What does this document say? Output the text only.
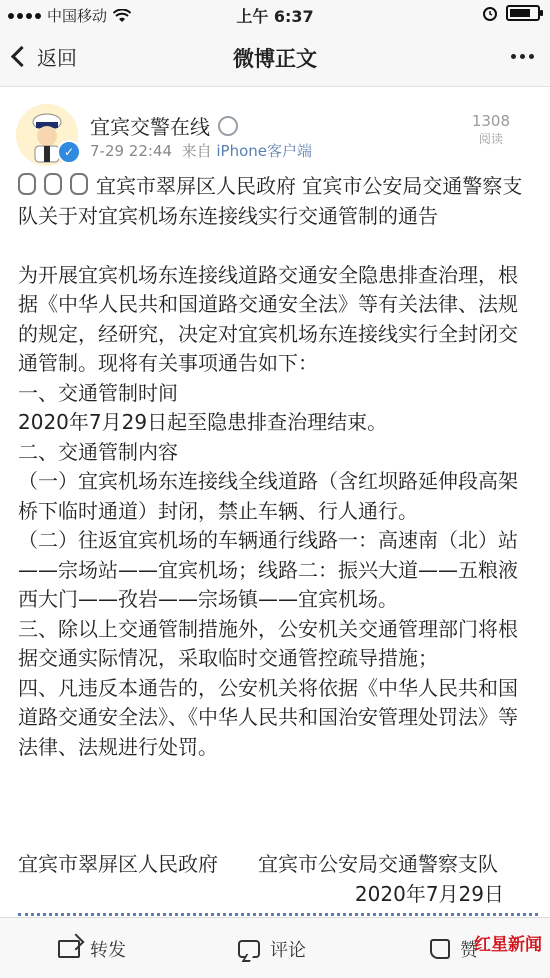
中国移动	上午 6:37
返回	微博正文
✓
宜宾交警在线
7-29 22:44 来自 iPhone客户端
1308
阅读

宜宾市翠屏区人民政府 宜宾市公安局交通警察支队关于对宜宾机场东连接线实行交通管制的通告

为开展宜宾机场东连接线道路交通安全隐患排查治理，根据《中华人民共和国道路交通安全法》等有关法律、法规的规定，经研究，决定对宜宾机场东连接线实行全封闭交通管制。现将有关事项通告如下：

一、交通管制时间

2020年7月29日起至隐患排查治理结束。

二、交通管制内容

（一）宜宾机场东连接线全线道路（含红坝路延伸段高架桥下临时通道）封闭，禁止车辆、行人通行。

（二）往返宜宾机场的车辆通行线路一：高速南（北）站——宗场站——宜宾机场；线路二：振兴大道——五粮液西大门——孜岩——宗场镇——宜宾机场。

三、除以上交通管制措施外，公安机关交通管理部门将根据交通实际情况，采取临时交通管控疏导措施；

四、凡违反本通告的，公安机关将依据《中华人民共和国道路交通安全法》、《中华人民共和国治安管理处罚法》等法律、法规进行处罚。

宜宾市翠屏区人民政府　　宜宾市公安局交通警察支队
2020年7月29日
转发	评论	赞
红星新闻
